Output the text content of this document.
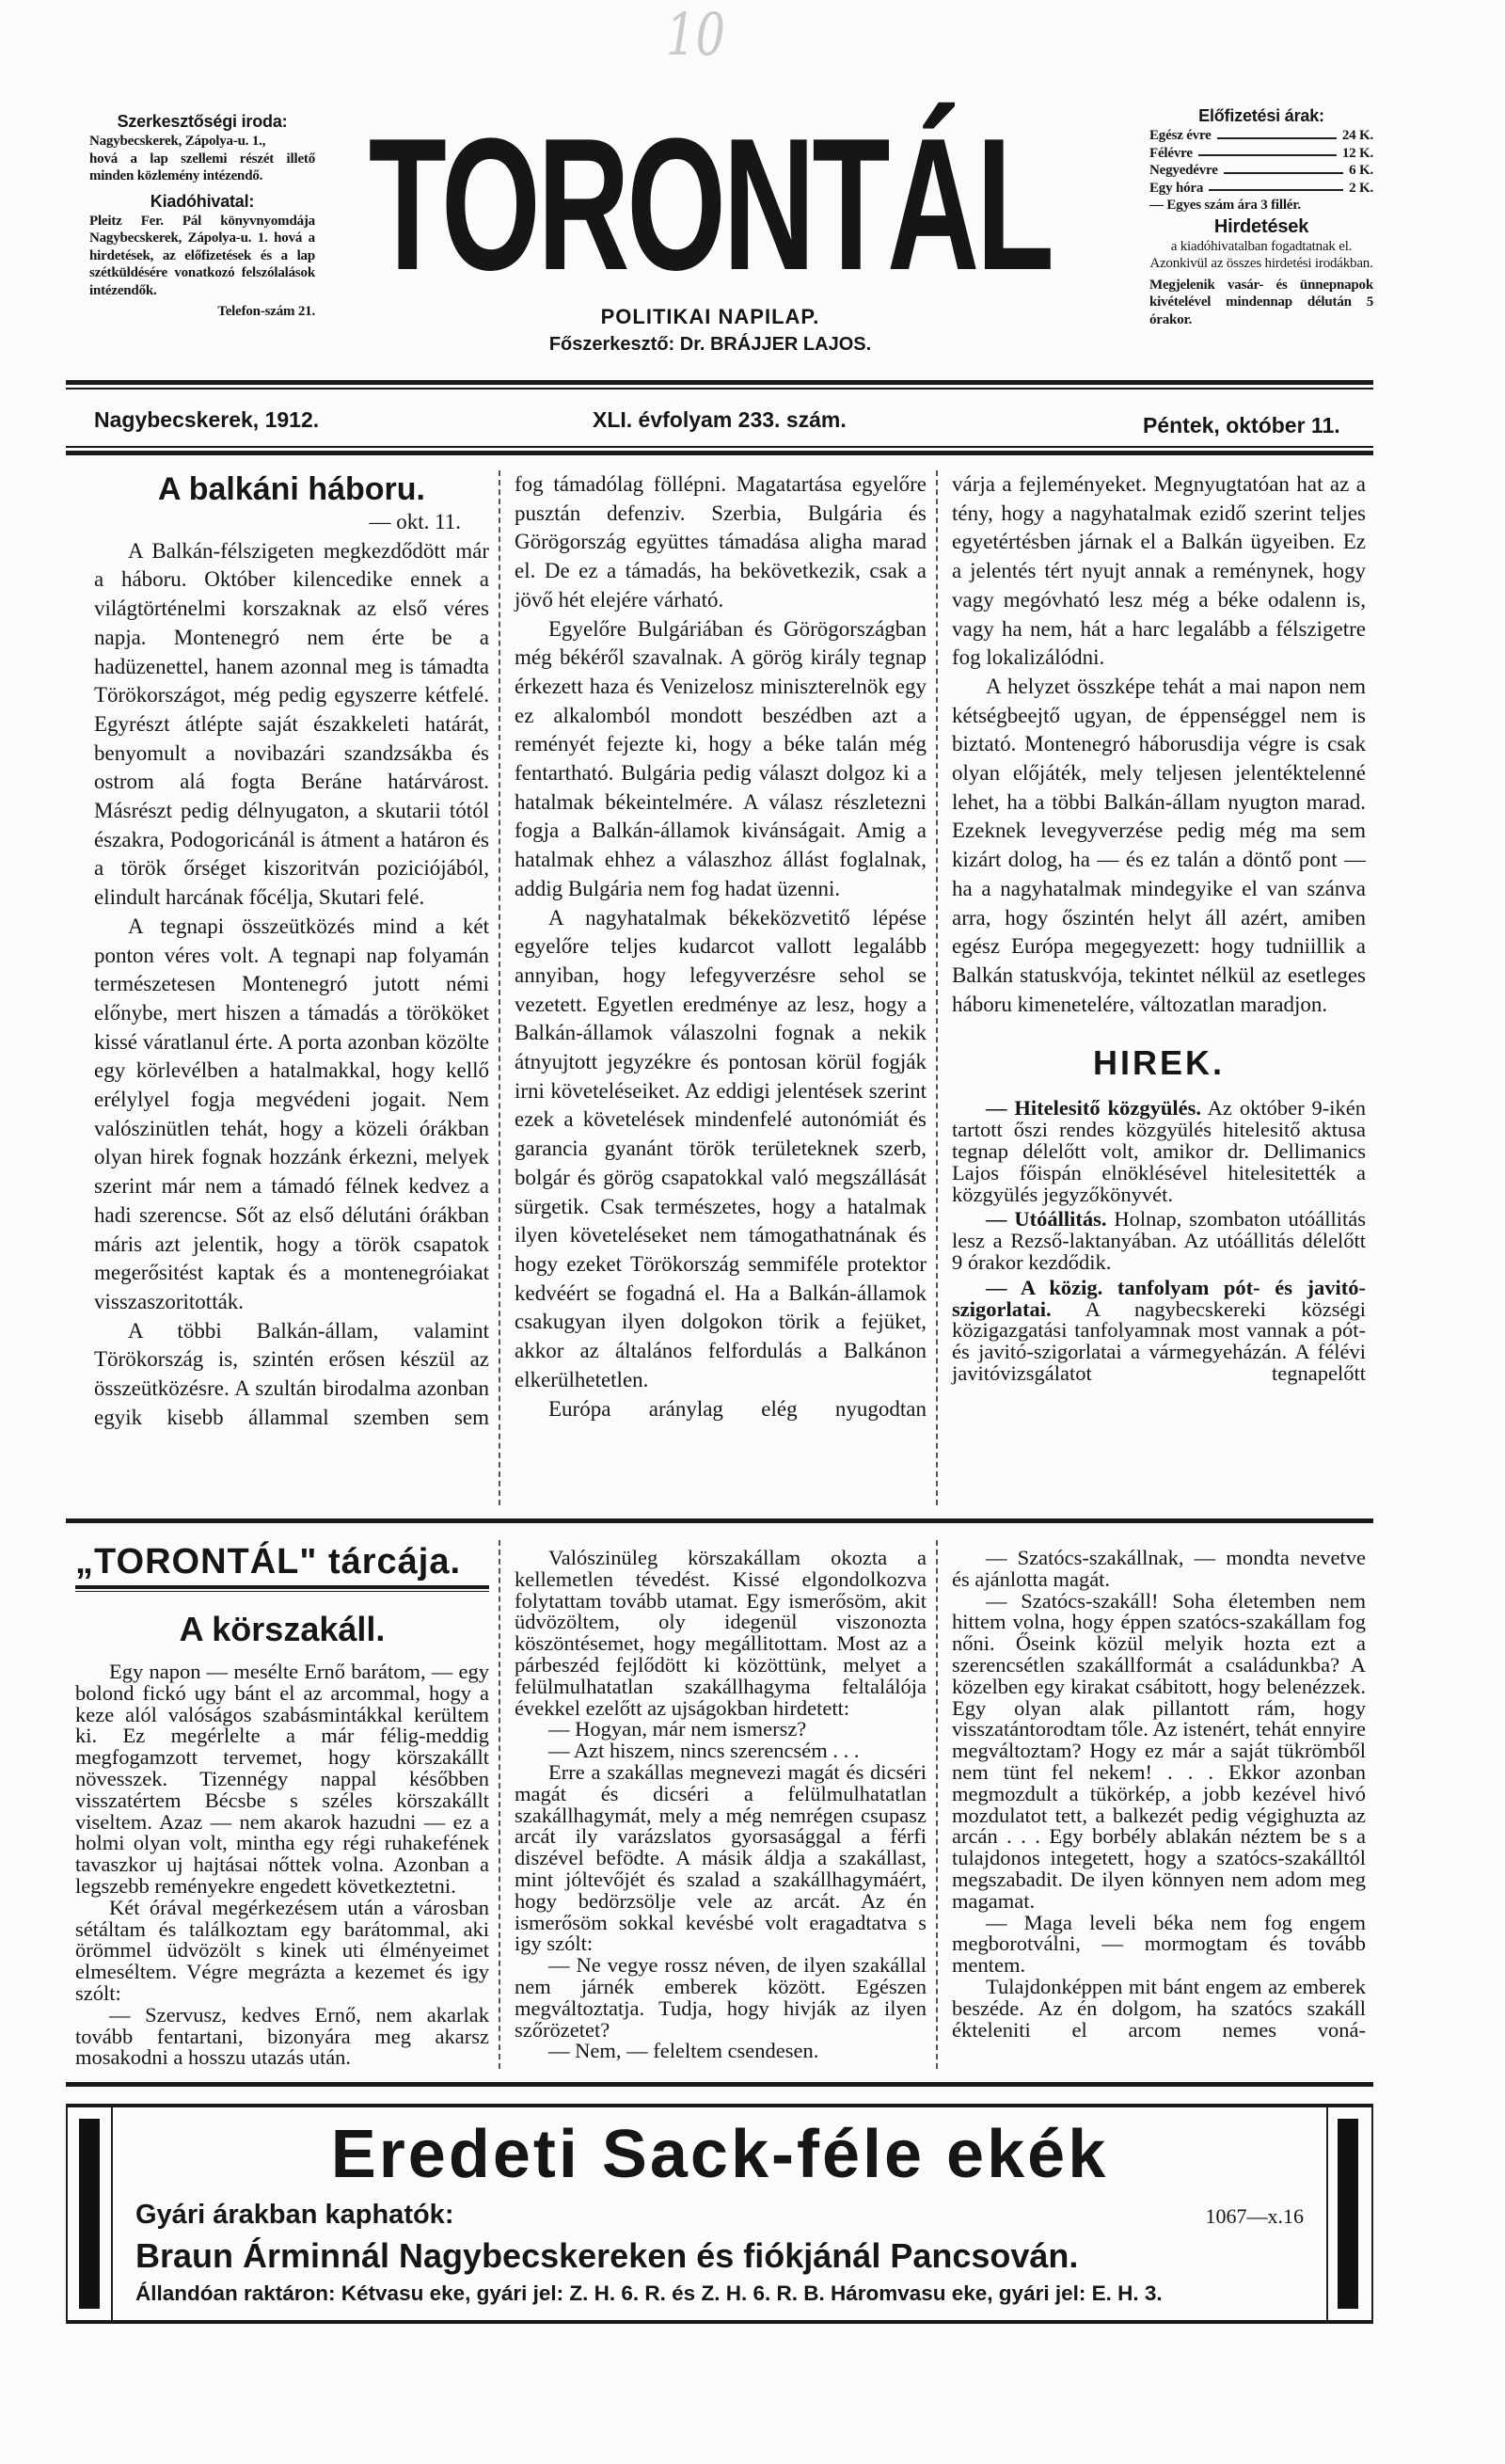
10
Szerkesztőségi iroda:

Nagybecskerek, Zápolya-u. 1.,

hová a lap szellemi részét illető minden közlemény intézendő.

Kiadóhivatal:

Pleitz Fer. Pál könyvnyomdája Nagybecskerek, Zápolya-u. 1. hová a hirdetések, az előfizetések és a lap szétküldésére vonatkozó felszólalások intézendők.

Telefon-szám 21.

TORONTÁL
POLITIKAI NAPILAP.
Főszerkesztő: Dr. BRÁJJER LAJOS.
Előfizetési árak:
Egész évre	24 K.
Félévre	12 K.
Negyedévre	6 K.
Egy hóra	2 K.

— Egyes szám ára 3 fillér.

Hirdetések

a kiadóhivatalban fogadtatnak el. Azonkivül az összes hirdetési irodákban.

Megjelenik vasár- és ünnepnapok kivételével mindennap délután 5 órakor.

Nagybecskerek, 1912.	XLI. évfolyam 233. szám.	Péntek, október 11.
A balkáni háboru.
— okt. 11.

A Balkán-félszigeten megkezdődött már a háboru. Október kilencedike ennek a világtörténelmi korszaknak az első véres napja. Montenegró nem érte be a hadüzenettel, hanem azonnal meg is támadta Törökországot, még pedig egyszerre kétfelé. Egyrészt átlépte saját északkeleti határát, benyomult a novibazári szandzsákba és ostrom alá fogta Beráne határvárost. Másrészt pedig délnyugaton, a skutarii tótól északra, Podogoricánál is átment a határon és a török őrséget kiszoritván poziciójából, elindult harcának főcélja, Skutari felé.

A tegnapi összeütközés mind a két ponton véres volt. A tegnapi nap folyamán természetesen Montenegró jutott némi előnybe, mert hiszen a támadás a törököket kissé váratlanul érte. A porta azonban közölte egy körlevélben a hatalmakkal, hogy kellő erélylyel fogja megvédeni jogait. Nem valószinütlen tehát, hogy a közeli órákban olyan hirek fognak hozzánk érkezni, melyek szerint már nem a támadó félnek kedvez a hadi szerencse. Sőt az első délutáni órákban máris azt jelentik, hogy a török csapatok megerősitést kaptak és a montenegróiakat visszaszoritották.

A többi Balkán-állam, valamint Törökország is, szintén erősen készül az összeütközésre. A szultán birodalma azonban egyik kisebb állammal szemben sem

fog támadólag föllépni. Magatartása egyelőre pusztán defenziv. Szerbia, Bulgária és Görögország együttes támadása aligha marad el. De ez a támadás, ha bekövetkezik, csak a jövő hét elejére várható.

Egyelőre Bulgáriában és Görögországban még békéről szavalnak. A görög király tegnap érkezett haza és Venizelosz miniszterelnök egy ez alkalomból mondott beszédben azt a reményét fejezte ki, hogy a béke talán még fentartható. Bulgária pedig választ dolgoz ki a hatalmak békeintelmére. A válasz részletezni fogja a Balkán-államok kivánságait. Amig a hatalmak ehhez a válaszhoz állást foglalnak, addig Bulgária nem fog hadat üzenni.

A nagyhatalmak békeközvetitő lépése egyelőre teljes kudarcot vallott legalább annyiban, hogy lefegyverzésre sehol se vezetett. Egyetlen eredménye az lesz, hogy a Balkán-államok válaszolni fognak a nekik átnyujtott jegyzékre és pontosan körül fogják irni követeléseiket. Az eddigi jelentések szerint ezek a követelések mindenfelé autonómiát és garancia gyanánt török területeknek szerb, bolgár és görög csapatokkal való megszállását sürgetik. Csak természetes, hogy a hatalmak ilyen követeléseket nem támogathatnának és hogy ezeket Törökország semmiféle protektor kedvéért se fogadná el. Ha a Balkán-államok csakugyan ilyen dolgokon törik a fejüket, akkor az általános felfordulás a Balkánon elkerülhetetlen.

Európa aránylag elég nyugodtan

várja a fejleményeket. Megnyugtatóan hat az a tény, hogy a nagyhatalmak ezidő szerint teljes egyetértésben járnak el a Balkán ügyeiben. Ez a jelentés tért nyujt annak a reménynek, hogy vagy megóvható lesz még a béke odalenn is, vagy ha nem, hát a harc legalább a félszigetre fog lokalizálódni.

A helyzet összképe tehát a mai napon nem kétségbeejtő ugyan, de éppenséggel nem is biztató. Montenegró háborusdija végre is csak olyan előjáték, mely teljesen jelentéktelenné lehet, ha a többi Balkán-állam nyugton marad. Ezeknek levegyverzése pedig még ma sem kizárt dolog, ha — és ez talán a döntő pont — ha a nagyhatalmak mindegyike el van szánva arra, hogy őszintén helyt áll azért, amiben egész Európa megegyezett: hogy tudniillik a Balkán statuskvója, tekintet nélkül az esetleges háboru kimenetelére, változatlan maradjon.

HIREK.

— Hitelesitő közgyülés. Az október 9-ikén tartott őszi rendes közgyülés hitelesitő aktusa tegnap délelőtt volt, amikor dr. Dellimanics Lajos főispán elnöklésével hitelesitették a közgyülés jegyzőkönyvét.

— Utóállitás. Holnap, szombaton utóállitás lesz a Rezső-laktanyában. Az utóállitás délelőtt 9 órakor kezdődik.

— A közig. tanfolyam pót- és javitó-szigorlatai. A nagybecskereki községi közigazgatási tanfolyamnak most vannak a pót- és javitó-szigorlatai a vármegyeházán. A félévi javitóvizsgálatot tegnapelőtt

„TORONTÁL" tárcája.
A körszakáll.

Egy napon — mesélte Ernő barátom, — egy bolond fickó ugy bánt el az arcommal, hogy a keze alól valóságos szabásmintákkal kerültem ki. Ez megérlelte a már félig-meddig megfogamzott tervemet, hogy körszakállt növesszek. Tizennégy nappal későbben visszatértem Bécsbe s széles körszakállt viseltem. Azaz — nem akarok hazudni — ez a holmi olyan volt, mintha egy régi ruhakefének tavaszkor uj hajtásai nőttek volna. Azonban a legszebb reményekre engedett következtetni.

Két órával megérkezésem után a városban sétáltam és találkoztam egy barátommal, aki örömmel üdvözölt s kinek uti élményeimet elmeséltem. Végre megrázta a kezemet és igy szólt:

— Szervusz, kedves Ernő, nem akarlak tovább fentartani, bizonyára meg akarsz mosakodni a hosszu utazás után.

Valószinüleg körszakállam okozta a kellemetlen tévedést. Kissé elgondolkozva folytattam tovább utamat. Egy ismerősöm, akit üdvözöltem, oly idegenül viszonozta köszöntésemet, hogy megállitottam. Most az a párbeszéd fejlődött ki közöttünk, melyet a felülmulhatatlan szakállhagyma feltalálója évekkel ezelőtt az ujságokban hirdetett:

— Hogyan, már nem ismersz?

— Azt hiszem, nincs szerencsém . . .

Erre a szakállas megnevezi magát és dicséri magát és dicséri a felülmulhatatlan szakállhagymát, mely a még nemrégen csupasz arcát ily varázslatos gyorsasággal a férfi diszével befödte. A másik áldja a szakállast, mint jóltevőjét és szalad a szakállhagymáért, hogy bedörzsölje vele az arcát. Az én ismerősöm sokkal kevésbé volt eragadtatva s igy szólt:

— Ne vegye rossz néven, de ilyen szakállal nem járnék emberek között. Egészen megváltoztatja. Tudja, hogy hivják az ilyen szőrözetet?

— Nem, — feleltem csendesen.

— Szatócs-szakállnak, — mondta nevetve és ajánlotta magát.

— Szatócs-szakáll! Soha életemben nem hittem volna, hogy éppen szatócs-szakállam fog nőni. Őseink közül melyik hozta ezt a szerencsétlen szakállformát a családunkba? A közelben egy kirakat csábitott, hogy belenézzek. Egy olyan alak pillantott rám, hogy visszatántorodtam tőle. Az istenért, tehát ennyire megváltoztam? Hogy ez már a saját tükrömből nem tünt fel nekem! . . . Ekkor azonban megmozdult a tükörkép, a jobb kezével hivó mozdulatot tett, a balkezét pedig végighuzta az arcán . . . Egy borbély ablakán néztem be s a tulajdonos integetett, hogy a szatócs-szakálltól megszabadit. De ilyen könnyen nem adom meg magamat.

— Maga leveli béka nem fog engem megborotválni, — mormogtam és tovább mentem.

Tulajdonképpen mit bánt engem az emberek beszéde. Az én dolgom, ha szatócs szakáll ékteleniti el arcom nemes voná-

Eredeti Sack-féle ekék
Gyári árakban kaphatók:	1067—x.16
Braun Árminnál Nagybecskereken és fiókjánál Pancsován.
Állandóan raktáron: Kétvasu eke, gyári jel: Z. H. 6. R. és Z. H. 6. R. B. Háromvasu eke, gyári jel: E. H. 3.
